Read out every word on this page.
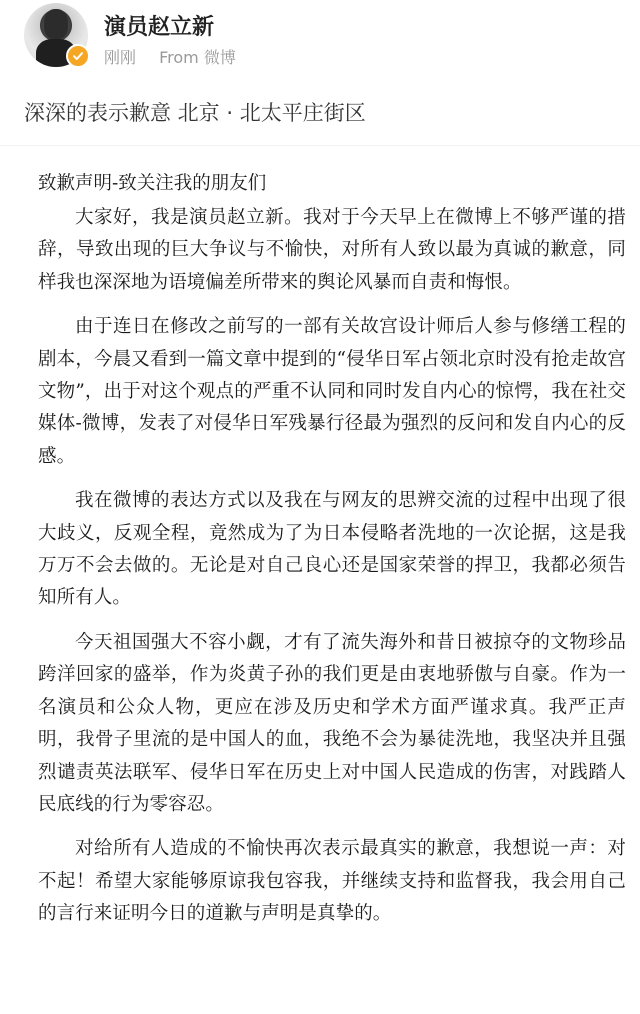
演员赵立新
刚刚 From 微博
深深的表示歉意 北京 · 北太平庄街区
致歉声明-致关注我的朋友们

大家好，我是演员赵立新。我对于今天早上在微博上不够严谨的措辞，导致出现的巨大争议与不愉快，对所有人致以最为真诚的歉意，同样我也深深地为语境偏差所带来的舆论风暴而自责和悔恨。

由于连日在修改之前写的一部有关故宫设计师后人参与修缮工程的剧本，今晨又看到一篇文章中提到的“侵华日军占领北京时没有抢走故宫文物”，出于对这个观点的严重不认同和同时发自内心的惊愕，我在社交媒体-微博，发表了对侵华日军残暴行径最为强烈的反问和发自内心的反感。

我在微博的表达方式以及我在与网友的思辨交流的过程中出现了很大歧义，反观全程，竟然成为了为日本侵略者洗地的一次论据，这是我万万不会去做的。无论是对自己良心还是国家荣誉的捍卫，我都必须告知所有人。

今天祖国强大不容小觑，才有了流失海外和昔日被掠夺的文物珍品跨洋回家的盛举，作为炎黄子孙的我们更是由衷地骄傲与自豪。作为一名演员和公众人物，更应在涉及历史和学术方面严谨求真。我严正声明，我骨子里流的是中国人的血，我绝不会为暴徒洗地，我坚决并且强烈谴责英法联军、侵华日军在历史上对中国人民造成的伤害，对践踏人民底线的行为零容忍。

对给所有人造成的不愉快再次表示最真实的歉意，我想说一声：对不起！希望大家能够原谅我包容我，并继续支持和监督我，我会用自己的言行来证明今日的道歉与声明是真挚的。
